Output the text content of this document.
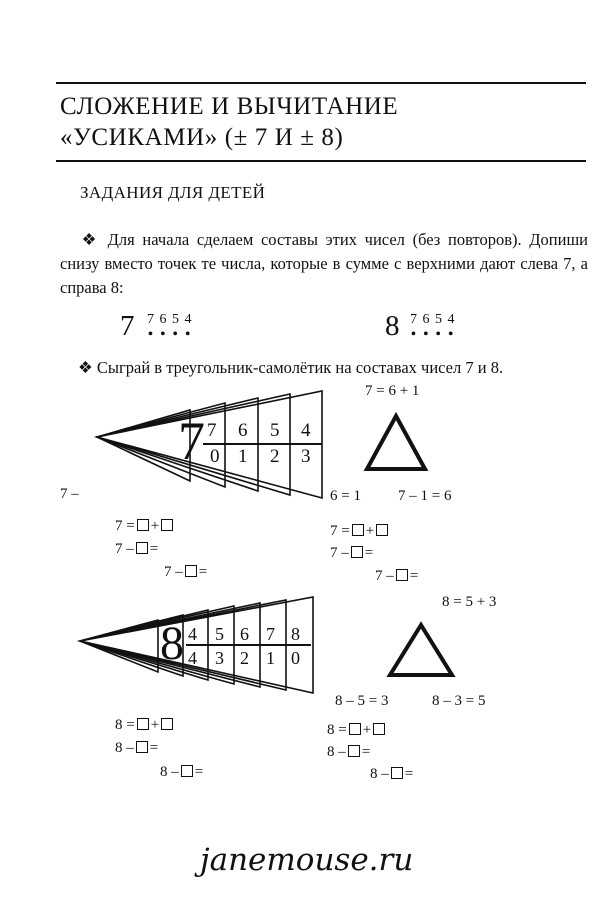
СЛОЖЕНИЕ И ВЫЧИТАНИЕ
«УСИКАМИ» (± 7 И ± 8)
ЗАДАНИЯ ДЛЯ ДЕТЕЙ
❖ Для начала сделаем составы этих чисел (без повторов). Допиши снизу вместо точек те числа, которые в сумме с верхними дают слева 7, а справа 8:
7 7 6 5 4
• • • •	8 7 6 5 4
• • • •
❖ Сыграй в треугольник-самолётик на составах чисел 7 и 8.
7 7 6 5 4
0 1 2 3
7 –
8 4 5 6 7 8
4 3 2 1 0
7 = 6 + 1
6 = 1 7 – 1 = 6
8 = 5 + 3
8 – 5 = 3	8 – 3 = 5
7 = +
7 – =
7 – =
7 = +
7 – =
7 – =
8 = +
8 – =
8 – =
8 = +
8 – =
8 – =
janemouse.ru
